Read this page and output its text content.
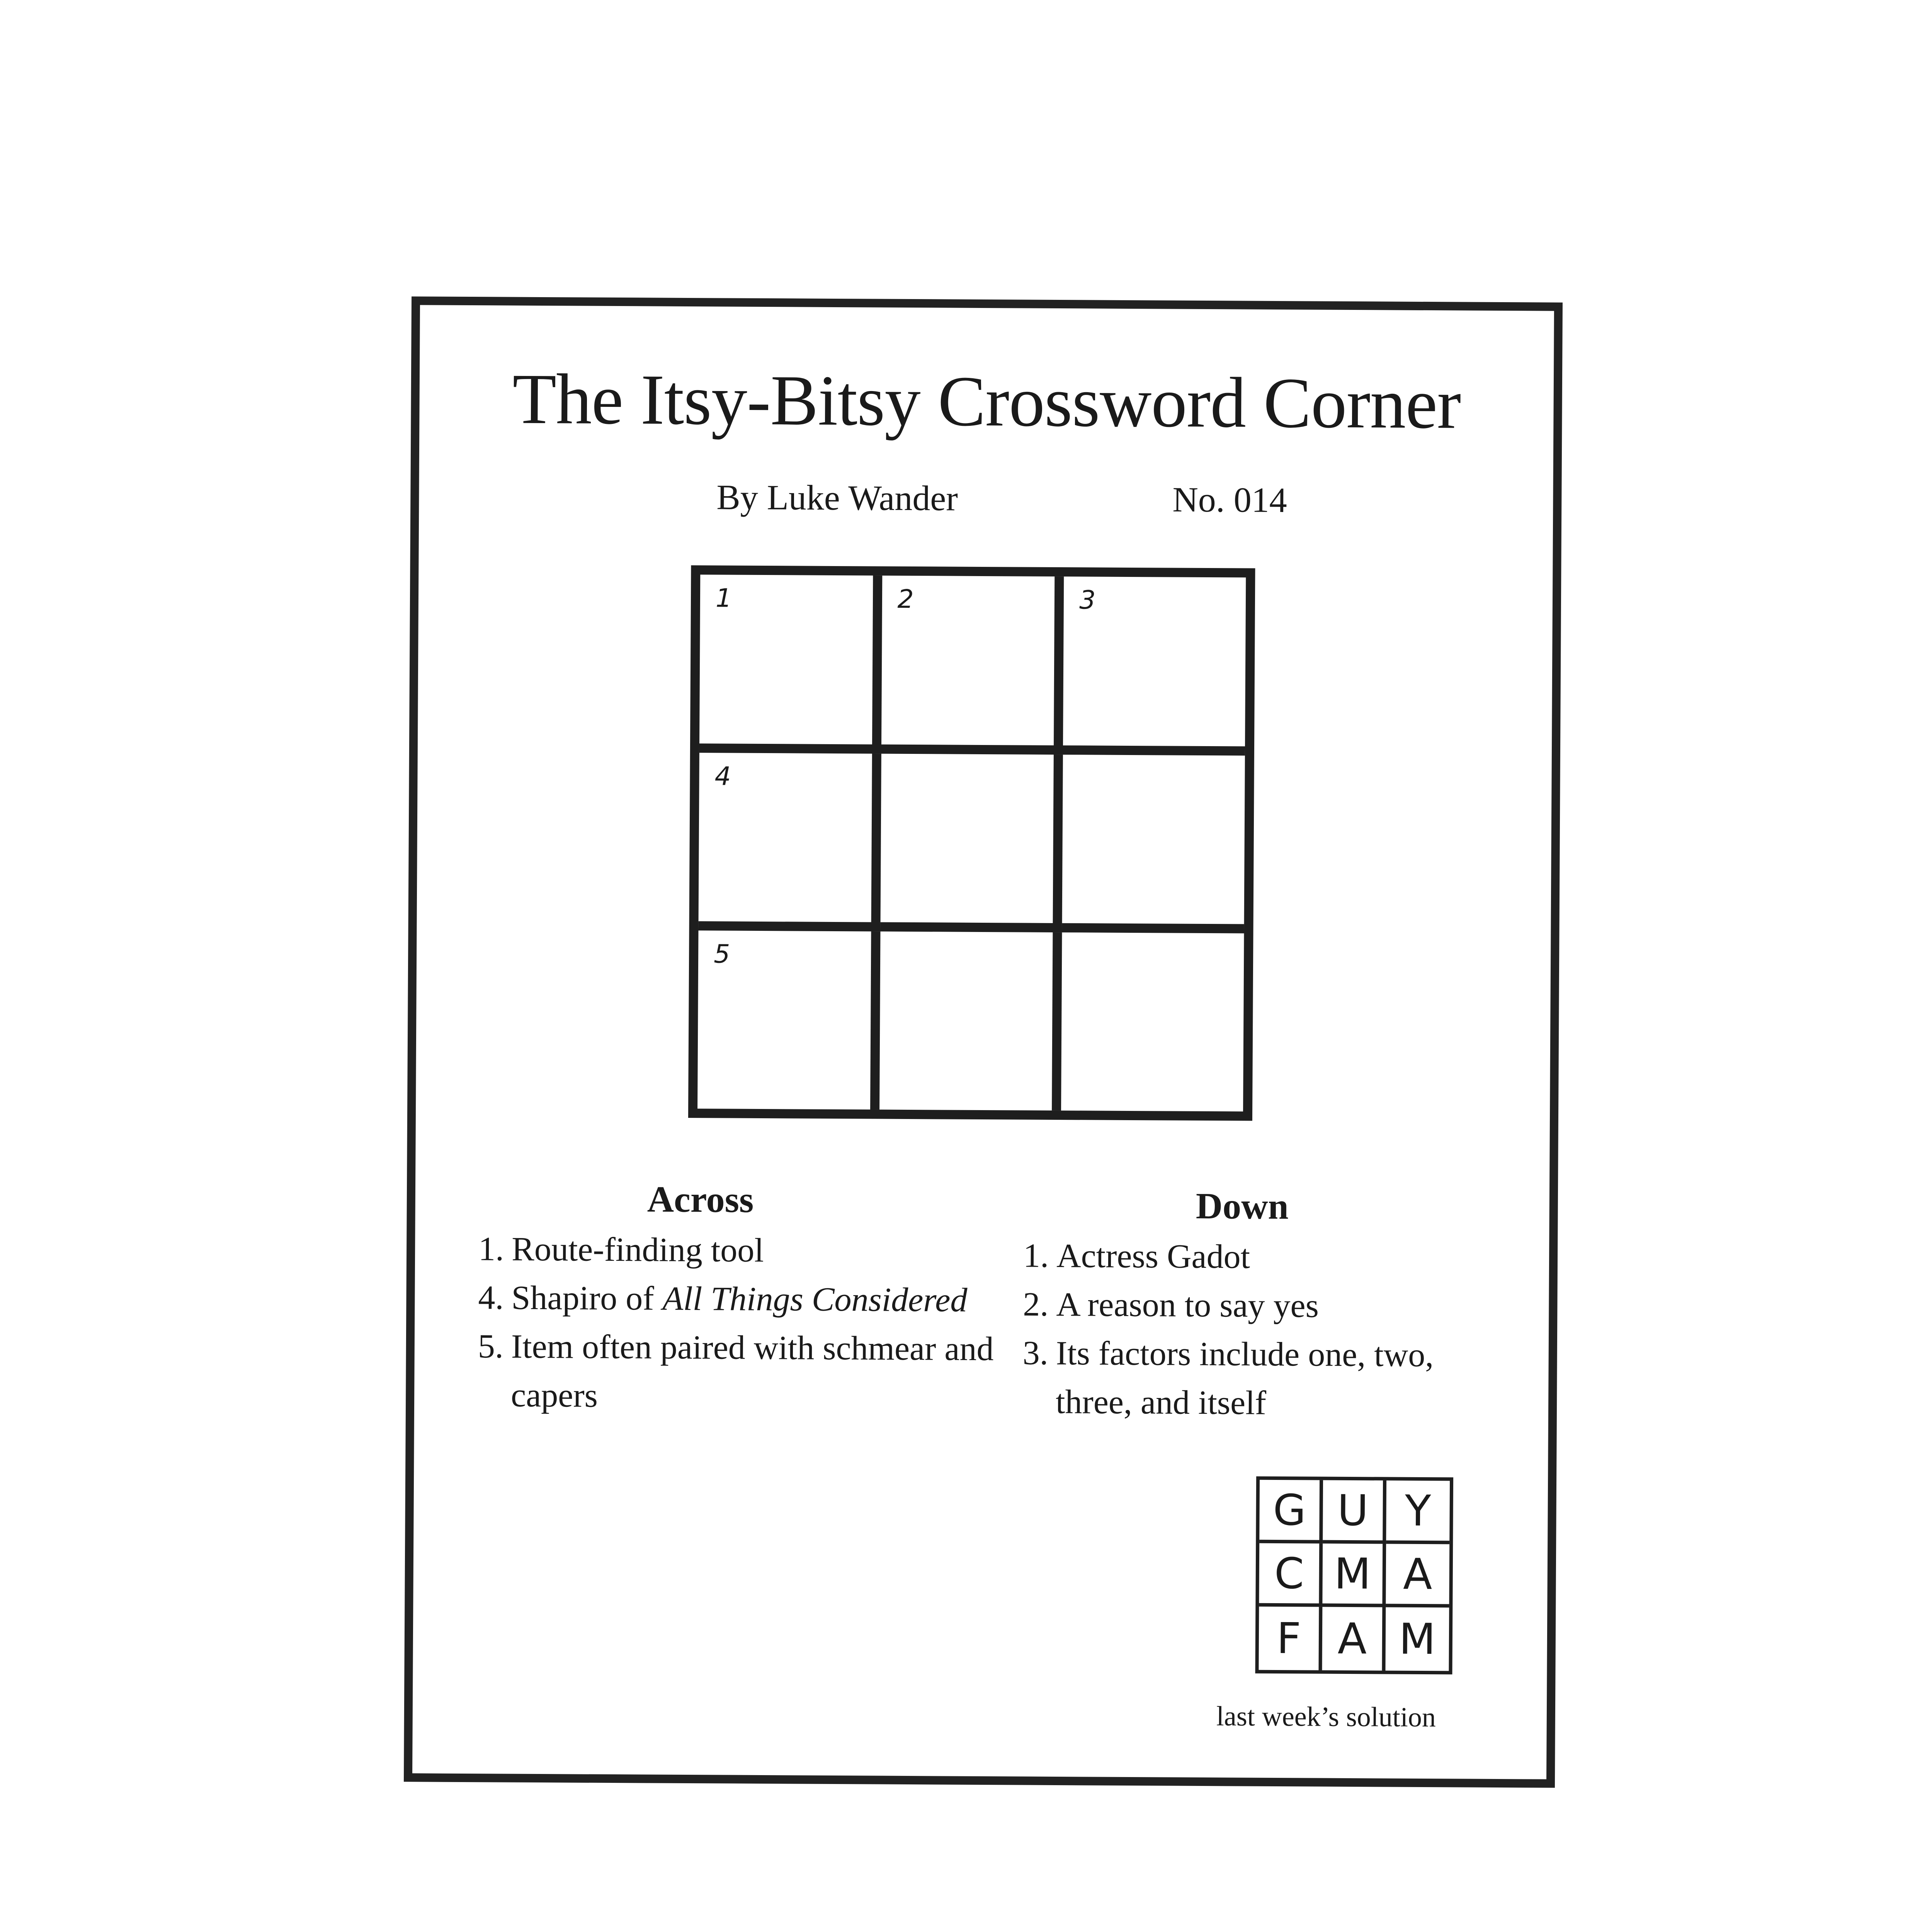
The Itsy-Bitsy Crossword Corner
By Luke Wander	No. 014
1	2	3
4
5
Across
1. Route-finding tool
4. Shapiro of All Things Considered
5. Item often paired with schmear and capers
Down
1. Actress Gadot
2. A reason to say yes
3. Its factors include one, two, three, and itself
G U Y
C M A
F A M
last week’s solution
